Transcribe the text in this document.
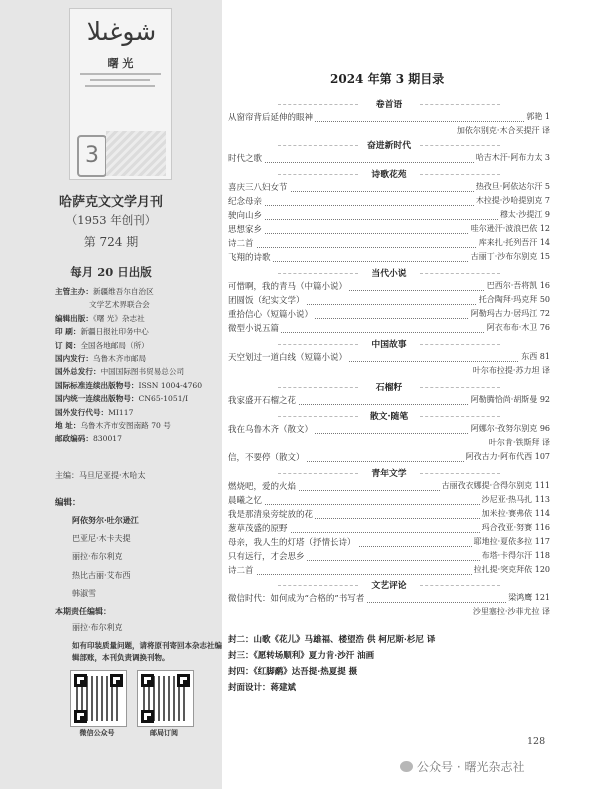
شوغىلا
曙 光
3
哈萨克文文学月刊
（1953 年创刊）
第 724 期
每月 20 日出版
主管主办：新疆维吾尔自治区
文学艺术界联合会
编辑出版：《曙 光》杂志社
印 刷：新疆日报社印务中心
订 阅：全国各地邮局（所）
国内发行：乌鲁木齐市邮局
国外总发行：中国国际图书贸易总公司
国际标准连续出版物号：ISSN 1004-4760
国内统一连续出版物号：CN65-1051/I
国外发行代号：MI117
地 址：乌鲁木齐市安图南路 70 号
邮政编码：830017
主编：马旦尼亚提·木哈太
编辑：
阿依努尔·吐尔逊江
巴亚尼·木卡夫提
丽拉·布尔利克
热比古丽·艾布西
韩淑雪
本期责任编辑：
丽拉·布尔利克
如有印装质量问题，请将原刊寄回本杂志社编辑部账，本刊负责调换刊物。
微信公众号	邮局订阅
2024 年第 3 期目录
卷首语
从窗帘背后延伸的眼神	郭艳 1
加依尔别克·木合买提汗 译
奋进新时代
时代之歌	哈吉木汗·阿布力太 3
诗歌花苑
喜庆三八妇女节	热孜旦·阿依达尔汗 5
纪念母亲	木拉提·沙哈提别克 7
驶向山乡	穆太·沙提江 9
思想家乡	哇尔逊汗·波浪巴依 12
诗二首	库来扎·托列吾汗 14
飞翔的诗歌	古丽丁·沙布尔别克 15
当代小说
可惜啊，我的青马（中篇小说）	巴西尔·吾将凯 16
团圆饭（纪实文学）	托合陶拜·玛克拜 50
重拾信心（短篇小说）	阿勒玛古力·居玛江 72
微型小说五篇	阿衣布布·木卫 76
中国故事
天空划过一道白线（短篇小说）	东西 81
叶尔布拉提·苏力坦 译
石榴籽
我家盛开石榴之花	阿勒腾恰尚·胡斯曼 92
散文·随笔
我在乌鲁木齐（散文）	阿娜尔·孜努尔别克 96
叶尔肯·铁斯拜 译
信，不要停（散文）	阿孜古力·阿布代西 107
青年文学
燃烧吧，爱的火焰	古丽孜衣娜提·合得尔别克 111
晨曦之忆	沙尼亚·热马扎 113
我是那清泉旁绽放的花	加米拉·赛弗依 114
葱草茂盛的原野	玛合孜亚·努赛 116
母亲，我人生的灯塔（抒情长诗）	耶地拉·夏依多拉 117
只有远行，才会思乡	布塔·卡得尔汗 118
诗二首	拉扎提·突克拜依 120
文艺评论
微信时代：如何成为“合格的”书写者	梁鸿鹰 121
沙里塞拉·沙菲尤拉 译
封二：山歌《花儿》马雄福、楼望浩 供 柯尼斯·杉尼 译
封三：《愿转场顺利》夏力肯·沙汗 油画
封四：《红脚鹬》达吾提·热夏提 摄
封面设计：蒋建斌
128
公众号 · 曙光杂志社
